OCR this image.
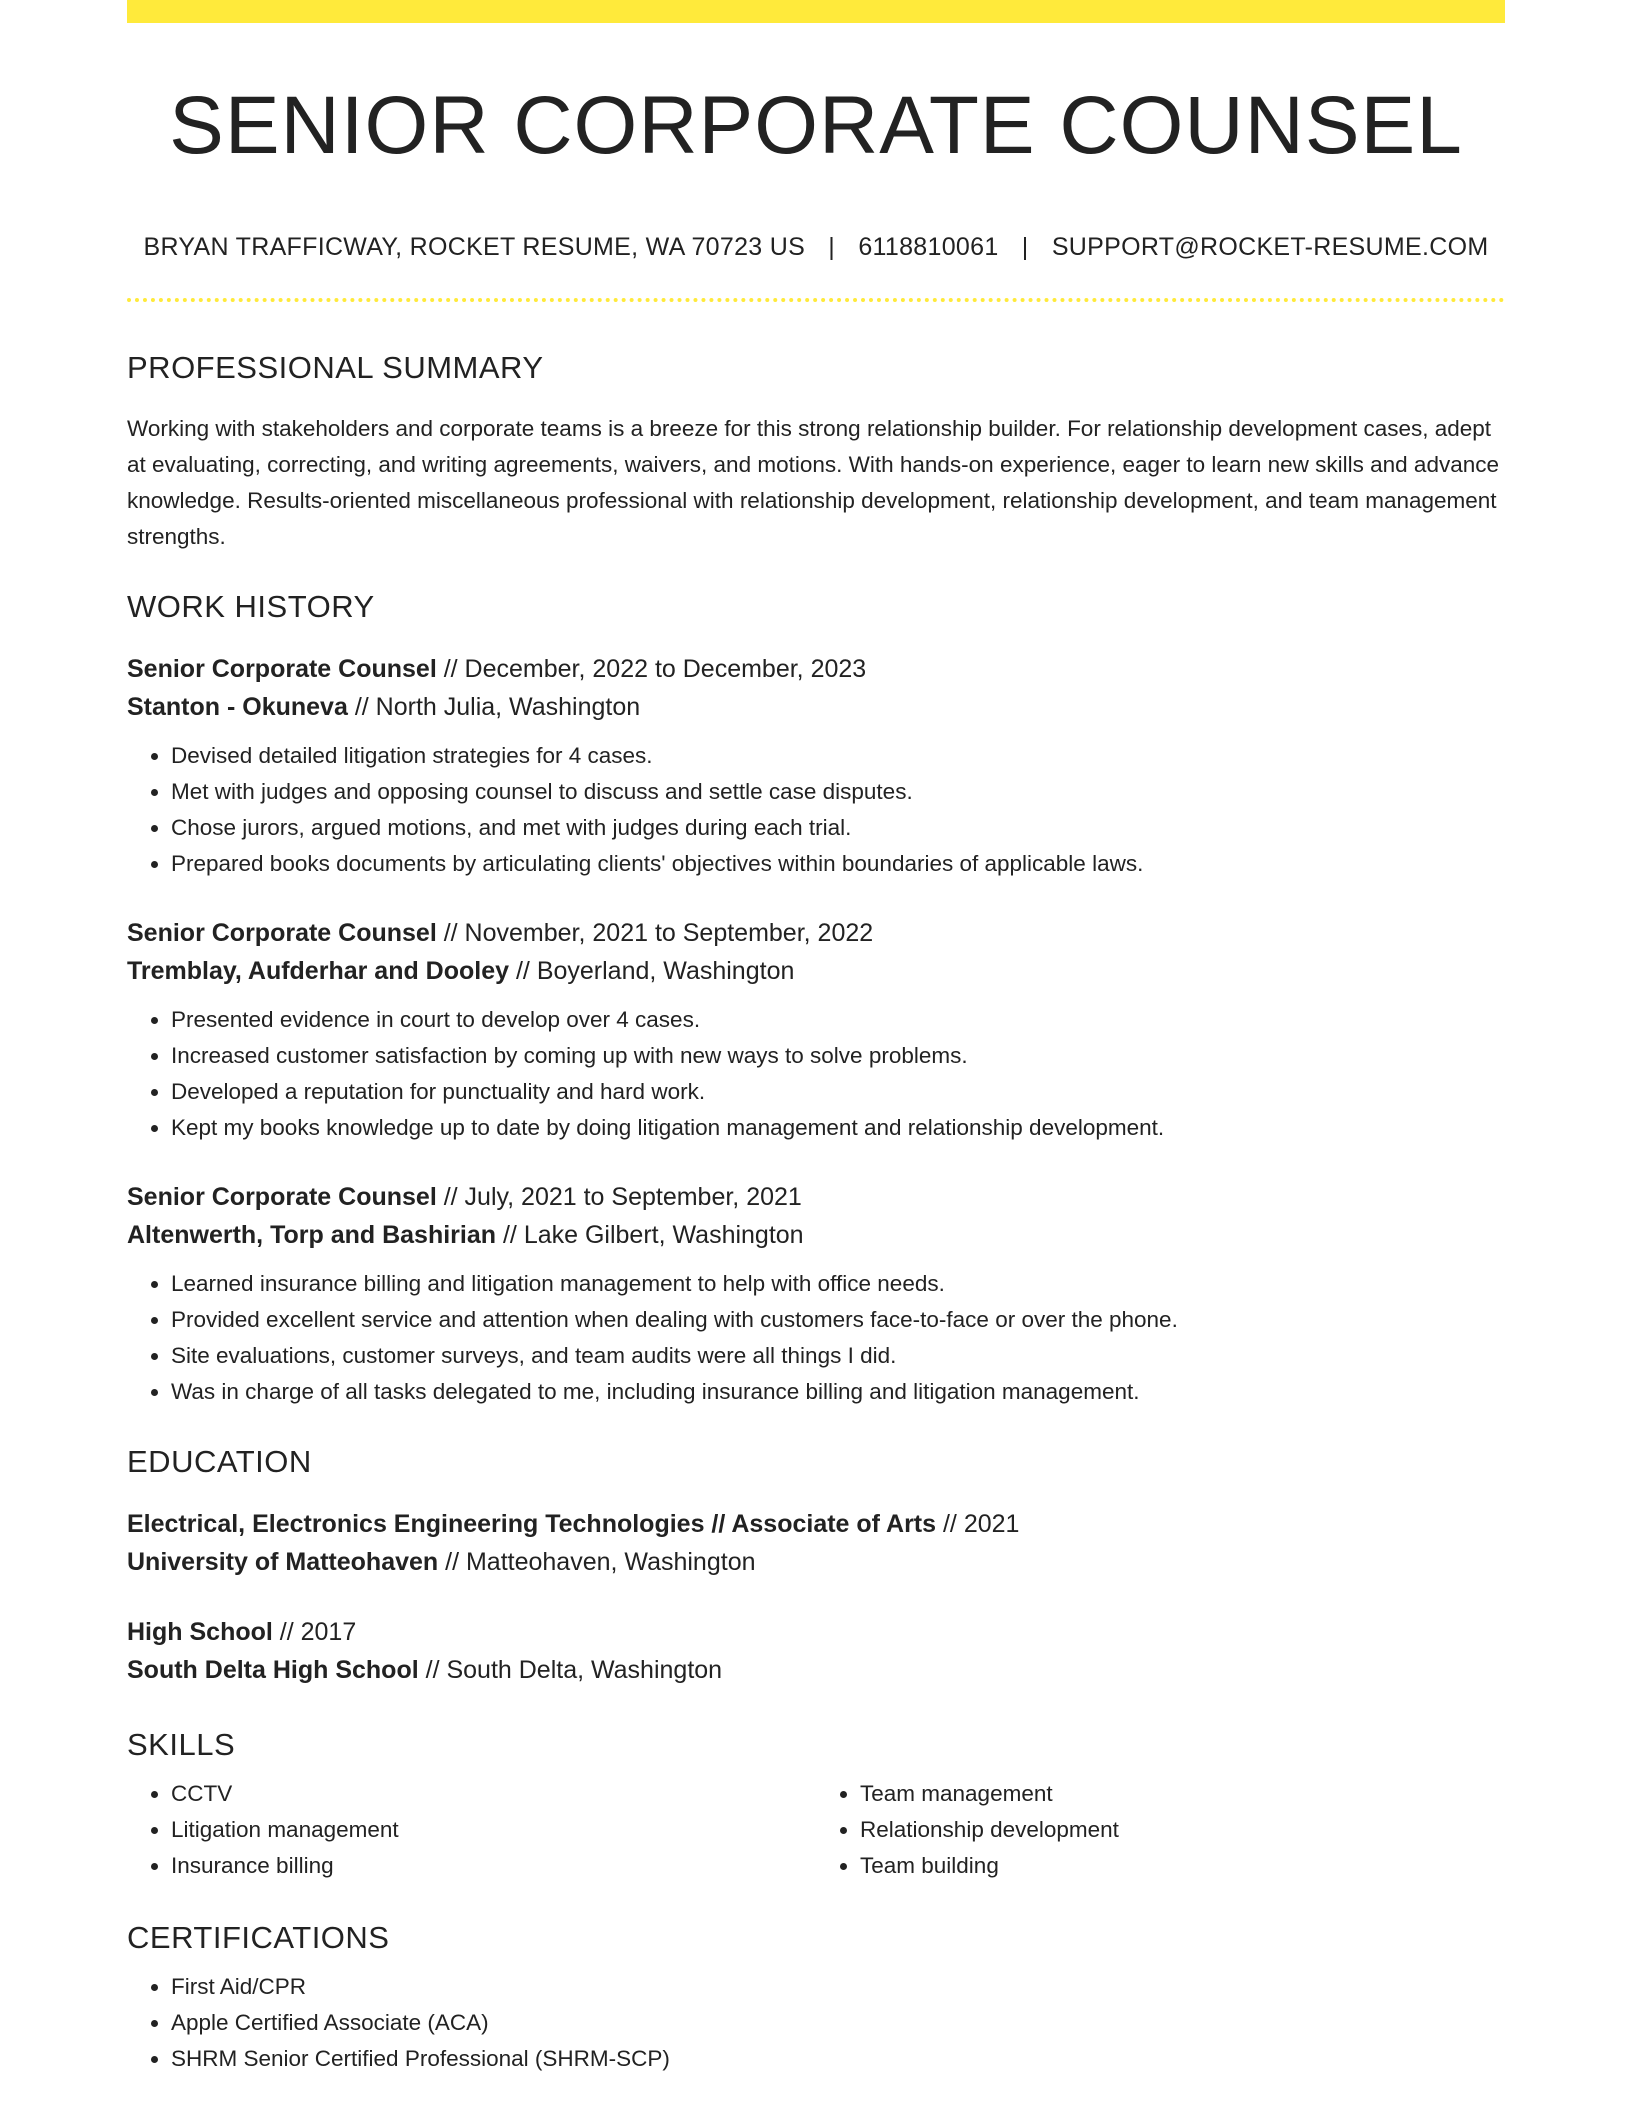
SENIOR CORPORATE COUNSEL
BRYAN TRAFFICWAY, ROCKET RESUME, WA 70723 US | 6118810061 | SUPPORT@ROCKET-RESUME.COM
PROFESSIONAL SUMMARY
Working with stakeholders and corporate teams is a breeze for this strong relationship builder. For relationship development cases, adept at evaluating, correcting, and writing agreements, waivers, and motions. With hands-on experience, eager to learn new skills and advance knowledge. Results-oriented miscellaneous professional with relationship development, relationship development, and team management strengths.
WORK HISTORY
Senior Corporate Counsel // December, 2022 to December, 2023
Stanton - Okuneva // North Julia, Washington
• Devised detailed litigation strategies for 4 cases.
• Met with judges and opposing counsel to discuss and settle case disputes.
• Chose jurors, argued motions, and met with judges during each trial.
• Prepared books documents by articulating clients' objectives within boundaries of applicable laws.
Senior Corporate Counsel // November, 2021 to September, 2022
Tremblay, Aufderhar and Dooley // Boyerland, Washington
• Presented evidence in court to develop over 4 cases.
• Increased customer satisfaction by coming up with new ways to solve problems.
• Developed a reputation for punctuality and hard work.
• Kept my books knowledge up to date by doing litigation management and relationship development.
Senior Corporate Counsel // July, 2021 to September, 2021
Altenwerth, Torp and Bashirian // Lake Gilbert, Washington
• Learned insurance billing and litigation management to help with office needs.
• Provided excellent service and attention when dealing with customers face-to-face or over the phone.
• Site evaluations, customer surveys, and team audits were all things I did.
• Was in charge of all tasks delegated to me, including insurance billing and litigation management.
EDUCATION
Electrical, Electronics Engineering Technologies // Associate of Arts // 2021
University of Matteohaven // Matteohaven, Washington
High School // 2017
South Delta High School // South Delta, Washington
SKILLS
• CCTV
• Litigation management
• Insurance billing
• Team management
• Relationship development
• Team building
CERTIFICATIONS
• First Aid/CPR
• Apple Certified Associate (ACA)
• SHRM Senior Certified Professional (SHRM-SCP)
